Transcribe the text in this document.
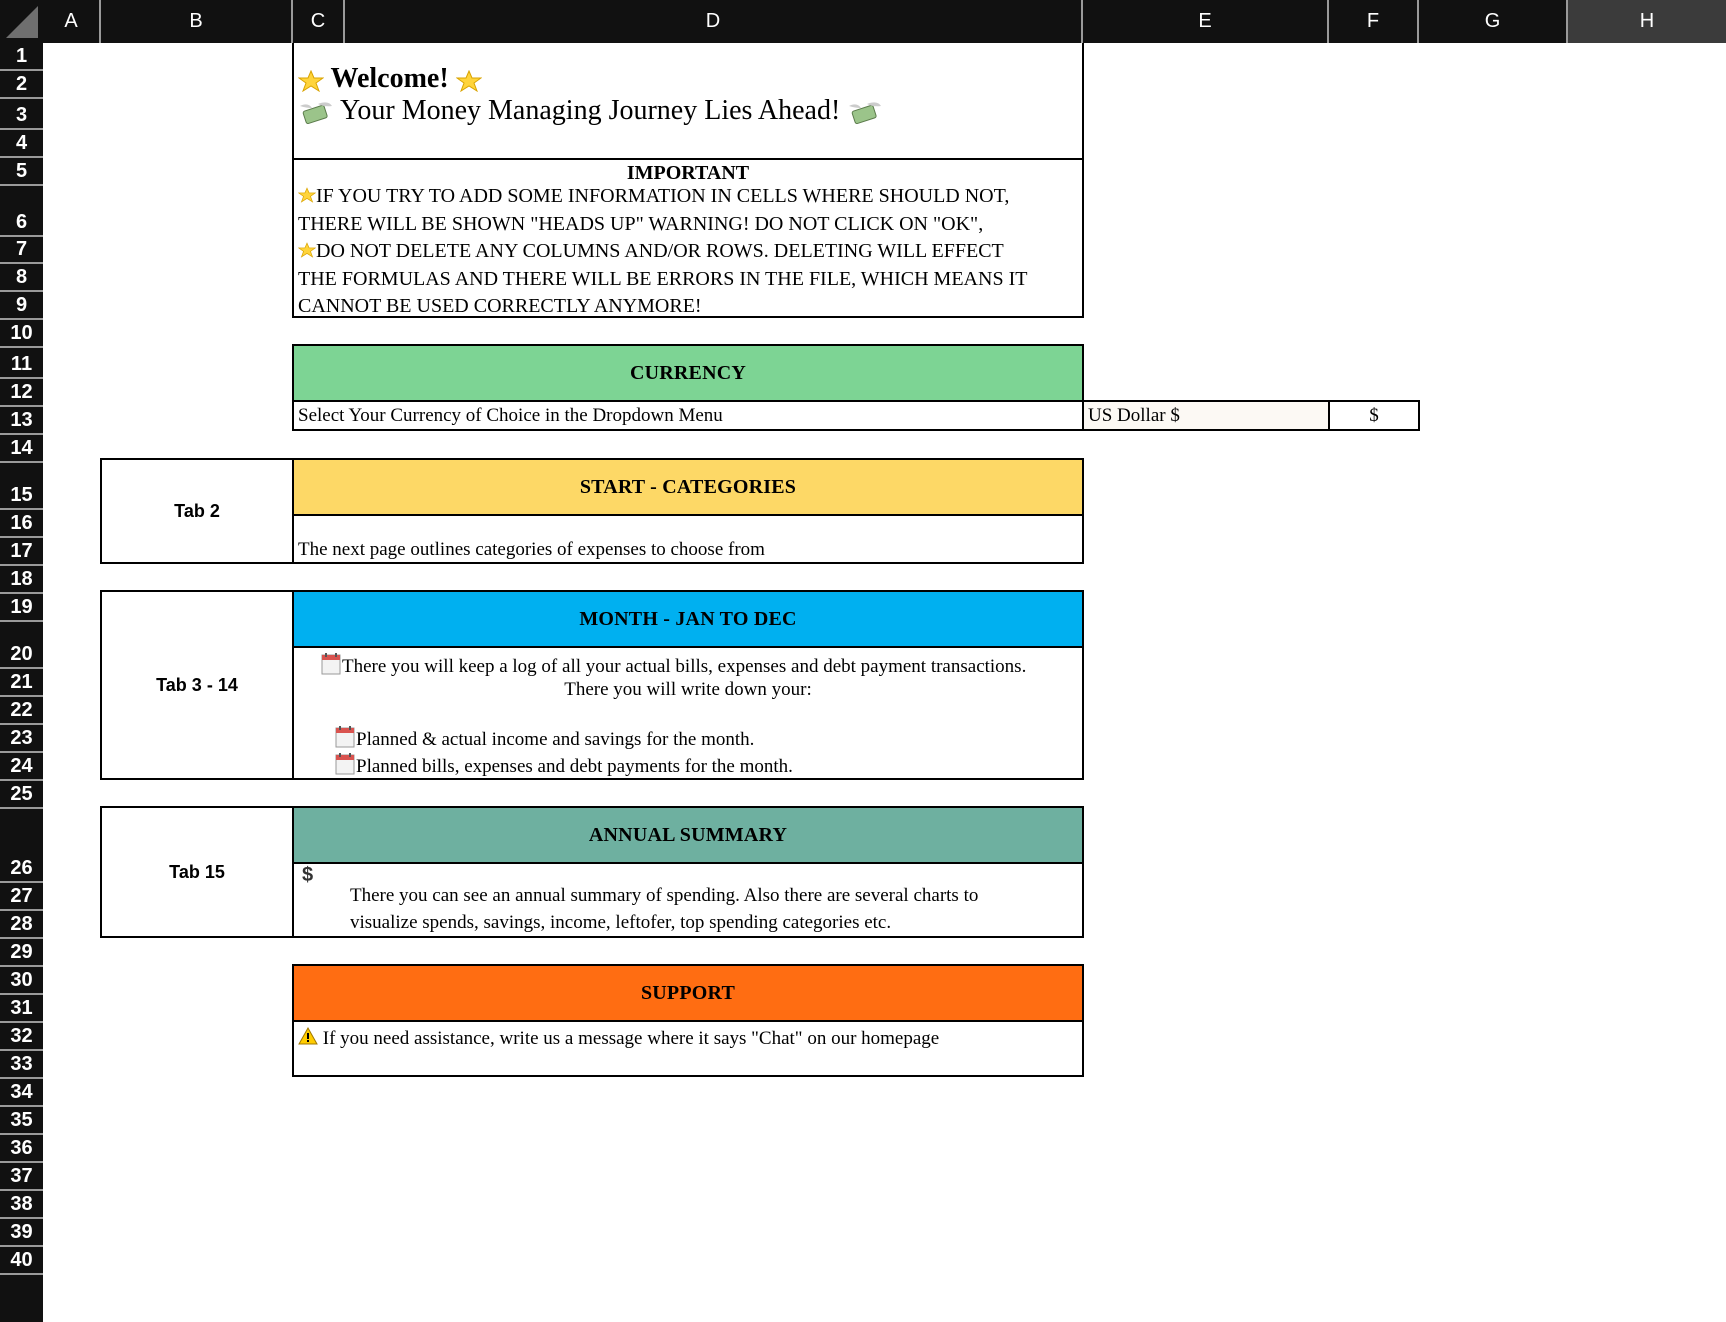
A	B	C	D	E	F	G	H
1
2
3
4
5
6
7
8
9
10
11
12
13
14
15
16
17
18
19
20
21
22
23
24
25
26
27
28
29
30
31
32
33
34
35
36
37
38
39
40
Welcome!
Your Money Managing Journey Lies Ahead!
IMPORTANT
IF YOU TRY TO ADD SOME INFORMATION IN CELLS WHERE SHOULD NOT,
THERE WILL BE SHOWN "HEADS UP" WARNING! DO NOT CLICK ON "OK",
DO NOT DELETE ANY COLUMNS AND/OR ROWS. DELETING WILL EFFECT
THE FORMULAS AND THERE WILL BE ERRORS IN THE FILE, WHICH MEANS IT
CANNOT BE USED CORRECTLY ANYMORE!
CURRENCY
Select Your Currency of Choice in the Dropdown Menu	US Dollar $	$
Tab 2
START - CATEGORIES
The next page outlines categories of expenses to choose from
Tab 3 - 14
MONTH - JAN TO DEC
There you will keep a log of all your actual bills, expenses and debt payment transactions.
There you will write down your:
Planned & actual income and savings for the month.
Planned bills, expenses and debt payments for the month.
Tab 15
ANNUAL SUMMARY
$
There you can see an annual summary of spending. Also there are several charts to
visualize spends, savings, income, leftofer, top spending categories etc.
SUPPORT
If you need assistance, write us a message where it says "Chat" on our homepage
